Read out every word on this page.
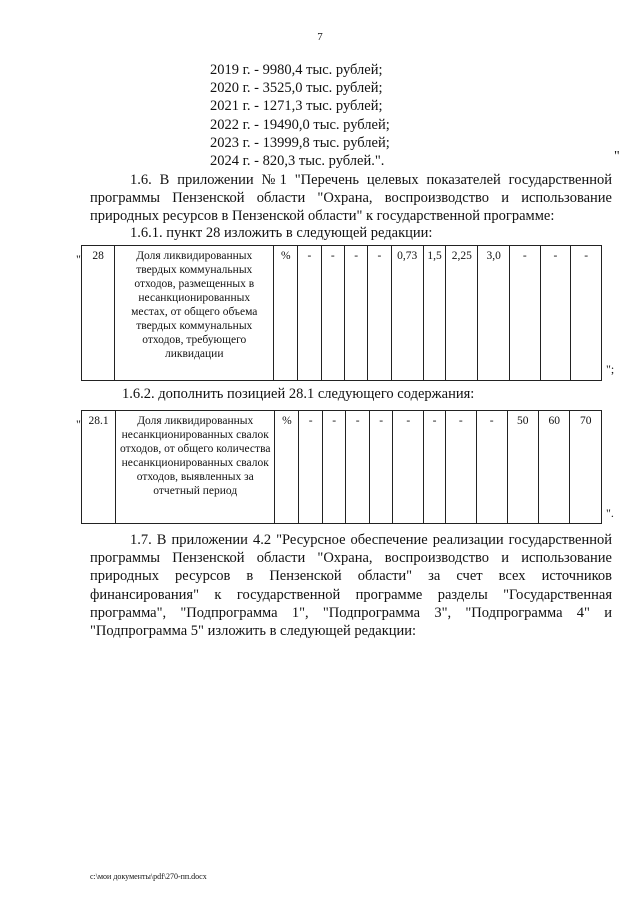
7
2019 г. - 9980,4 тыс. рублей;
2020 г. - 3525,0 тыс. рублей;
2021 г. - 1271,3 тыс. рублей;
2022 г. - 19490,0 тыс. рублей;
2023 г. - 13999,8 тыс. рублей;
2024 г. - 820,3 тыс. рублей.".	"
1.6. В приложении №1 "Перечень целевых показателей государственной программы Пензенской области "Охрана, воспроизводство и использование природных ресурсов в Пензенской области" к государственной программе:
1.6.1. пункт 28 изложить в следующей редакции:
" 28	Доля ликвидированных твердых коммунальных отходов, размещенных в несанкционированных местах, от общего объема твердых коммунальных отходов, требующего ликвидации	%	-	-	-	-	0,73	1,5	2,25	3,0	-	-	-
";
1.6.2. дополнить позицией 28.1 следующего содержания:
" 28.1	Доля ликвидированных несанкционированных свалок отходов, от общего количества несанкционированных свалок отходов, выявленных за отчетный период	%	-	-	-	-	-	-	-	-	50	60	70
".
1.7. В приложении 4.2 "Ресурсное обеспечение реализации государственной программы Пензенской области "Охрана, воспроизводство и использование природных ресурсов в Пензенской области" за счет всех источников финансирования" к государственной программе разделы "Государственная программа", "Подпрограмма 1", "Подпрограмма 3", "Подпрограмма 4" и "Подпрограмма 5" изложить в следующей редакции:
c:\мои документы\pdf\270-пп.docx
